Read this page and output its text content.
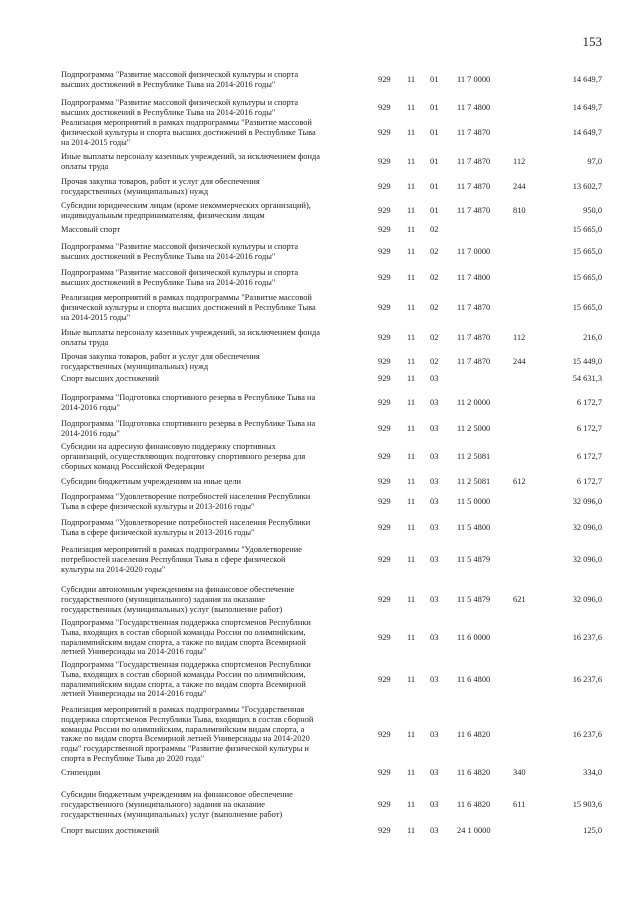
153
Подпрограмма "Развитие массовой физической культуры и спорта
высших достижений в Республике Тыва на 2014-2016 годы"
929 11 01 11 7 0000	14 649,7
Подпрограмма "Развитие массовой физической культуры и спорта
высших достижений в Республике Тыва на 2014-2016 годы"
929 11 01 11 7 4800	14 649,7
Реализация мероприятий в рамках подпрограммы "Развитие массовой
физической культуры и спорта высших достижений в Республике Тыва
на 2014-2015 годы"
929 11 01 11 7 4870	14 649,7
Иные выплаты персоналу казенных учреждений, за исключением фонда
оплаты труда
929 11 01 11 7 4870	112	97,0
Прочая закупка товаров, работ и услуг для обеспечения
государственных (муниципальных) нужд
929 11 01 11 7 4870	244	13 602,7
Субсидии юридическим лицам (кроме некоммерческих организаций),
индивидуальным предпринимателям, физическим лицам
929 11 01 11 7 4870	810	950,0
Массовый спорт	929 11 02	15 665,0
Подпрограмма "Развитие массовой физической культуры и спорта
высших достижений в Республике Тыва на 2014-2016 годы"
929 11 02 11 7 0000	15 665,0
Подпрограмма "Развитие массовой физической культуры и спорта
высших достижений в Республике Тыва на 2014-2016 годы"
929 11 02 11 7 4800	15 665,0
Реализация мероприятий в рамках подпрограммы "Развитие массовой
физической культуры и спорта высших достижений в Республике Тыва
на 2014-2015 годы"
929 11 02 11 7 4870	15 665,0
Иные выплаты персоналу казенных учреждений, за исключением фонда
оплаты труда
929 11 02 11 7 4870	112	216,0
Прочая закупка товаров, работ и услуг для обеспечения
государственных (муниципальных) нужд
929 11 02 11 7 4870	244	15 449,0
Спорт высших достижений	929 11 03	54 631,3
Подпрограмма "Подготовка спортивного резерва в Республике Тыва на
2014-2016 годы"
929 11 03 11 2 0000	6 172,7
Подпрограмма "Подготовка спортивного резерва в Республике Тыва на
2014-2016 годы"
929 11 03 11 2 5000	6 172,7
Субсидии на адресную финансовую поддержку спортивных
организаций, осуществляющих подготовку спортивного резерва для
сборных команд Российской Федерации
929 11 03 11 2 5081	6 172,7
Субсидии бюджетным учреждениям на иные цели	929 11 03 11 2 5081	612	6 172,7
Подпрограмма "Удовлетворение потребностей населения Республики
Тыва в сфере физической культуры и 2013-2016 годы"
929 11 03 11 5 0000	32 096,0
Подпрограмма "Удовлетворение потребностей населения Республики
Тыва в сфере физической культуры и 2013-2016 годы"
929 11 03 11 5 4800	32 096,0
Реализация мероприятий в рамках подпрограммы "Удовлетворение
потребностей населения Республики Тыва в сфере физической
культуры на 2014-2020 годы"
929 11 03 11 5 4879	32 096,0
Субсидии автономным учреждениям на финансовое обеспечение
государственного (муниципального) задания на оказание
государственных (муниципальных) услуг (выполнение работ)
929 11 03 11 5 4879	621	32 096,0
Подпрограмма "Государственная поддержка спортсменов Республики
Тыва, входящих в состав сборной команды России по олимпийским,
паралимпийским видам спорта, а также по видам спорта Всемирной
летней Универсиады на 2014-2016 годы"
929 11 03 11 6 0000	16 237,6
Подпрограмма "Государственная поддержка спортсменов Республики
Тыва, входящих в состав сборной команды России по олимпийским,
паралимпийским видам спорта, а также по видам спорта Всемирной
летней Универсиады на 2014-2016 годы"
929 11 03 11 6 4800	16 237,6
Реализация мероприятий в рамках подпрограммы "Государственная
поддержка спортсменов Республики Тыва, входящих в состав сборной
команды России по олимпийским, паралимпийским видам спорта, а
также по видам спорта Всемирной летней Универсиады на 2014-2020
годы" государственной программы "Развитие физической культуры и
спорта в Республике Тыва до 2020 года"
929 11 03 11 6 4820	16 237,6
Стипендии	929 11 03 11 6 4820	340	334,0
Субсидии бюджетным учреждениям на финансовое обеспечение
государственного (муниципального) задания на оказание
государственных (муниципальных) услуг (выполнение работ)
929 11 03 11 6 4820	611	15 903,6
Спорт высших достижений	929 11 03 24 1 0000	125,0
